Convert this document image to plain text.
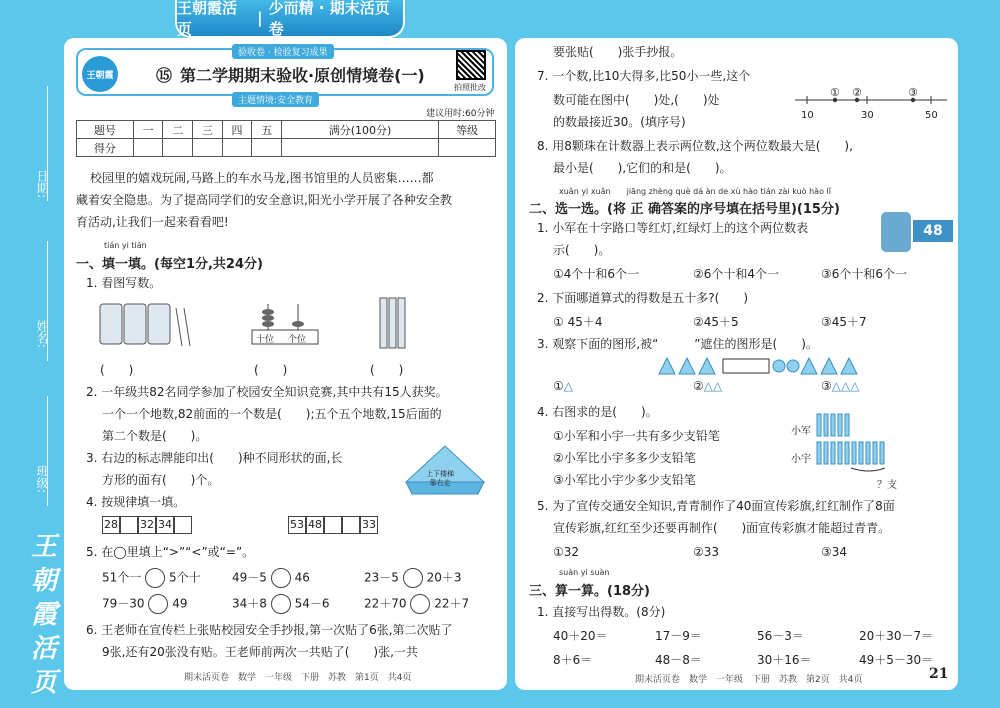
王朝霞活页
|
少而精 · 期末活页卷
日期:
姓名:
班级:
王朝霞活页
王朝霞
验收卷 · 检验复习成果
⑮ 第二学期期末验收·原创情境卷(一)
主题情境:安全教育
拍照批改
建议用时:60分钟
题号	一	二	三	四	五	满分(100分)	等级
得分							
校园里的嬉戏玩闹,马路上的车水马龙,图书馆里的人员密集……都
藏着安全隐患。为了提高同学们的安全意识,阳光小学开展了各种安全教
育活动,让我们一起来看看吧!
tián yi tián
一、填一填。(每空1分,共24分)
1. 看图写数。
十位 个位
(　　)	(　　)	(　　)
2. 一年级共82名同学参加了校园安全知识竞赛,其中共有15人获奖。
一个一个地数,82前面的一个数是(　　);五个五个地数,15后面的
第二个数是(　　)。
3. 右边的标志牌能印出(　　)种不同形状的面,长
方形的面有(　　)个。	上下楼梯
靠右走
4. 按规律填一填。
28 32 34	53 48	33
5. 在◯里填上“>”“<”或“=”。
51个一 5个十	49－5 46	23－5 20＋3
79－30 49	34＋8 54－6	22＋70 22＋7
6. 王老师在宣传栏上张贴校园安全手抄报,第一次贴了6张,第二次贴了
9张,还有20张没有贴。王老师前两次一共贴了(　　)张,一共
期末活页卷　数学　一年级　下册　苏教　第1页　共4页
要张贴(　　)张手抄报。
7. 一个数,比10大得多,比50小一些,这个
数可能在图中(　　)处,(　　)处
的数最接近30。(填序号)	10	30	50
① ②	③
8. 用8颗珠在计数器上表示两位数,这个两位数最大是(　　),
最小是(　　),它们的和是(　　)。
xuǎn yi xuǎn　　jiāng zhèng què dá àn de xù hào tián zài kuò hào lǐ
二、选一选。(将 正 确答案的序号填在括号里)(15分)
1. 小军在十字路口等红灯,红绿灯上的这个两位数表
示(　　)。
48
①4个十和6个一	②6个十和4个一	③6个十和6个一
2. 下面哪道算式的得数是五十多?(　　)
① 45＋4	②45＋5	③45＋7
3. 观察下面的图形,被“　　　”遮住的图形是(　　)。
①△	②△△	③△△△
4. 右图求的是(　　)。
①小军和小宇一共有多少支铅笔
②小军比小宇多多少支铅笔
③小军比小宇少多少支铅笔
小军
小宇
？支
5. 为了宣传交通安全知识,青青制作了40面宣传彩旗,红红制作了8面
宣传彩旗,红红至少还要再制作(　　)面宣传彩旗才能超过青青。
①32	②33	③34
suàn yi suàn
三、算一算。(18分)
1. 直接写出得数。(8分)
40＋20＝	17－9＝	56－3＝	20＋30－7＝
8＋6＝	48－8＝	30＋16＝	49＋5－30＝
期末活页卷　数学　一年级　下册　苏教　第2页　共4页	21
